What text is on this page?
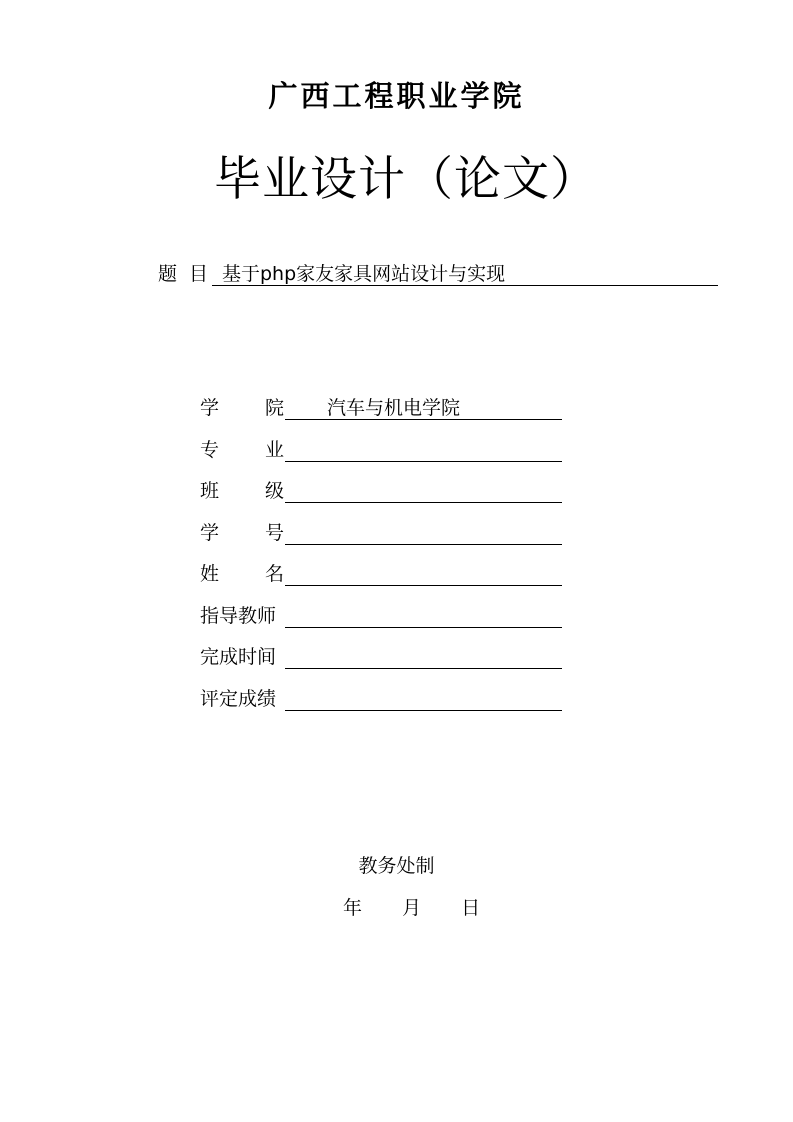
广西工程职业学院
毕业设计（论文）
题 目 基于php家友家具网站设计与实现
学 院	汽车与机电学院
专 业
班 级
学 号
姓 名
指导教师
完成时间
评定成绩
教务处制
年 月 日
